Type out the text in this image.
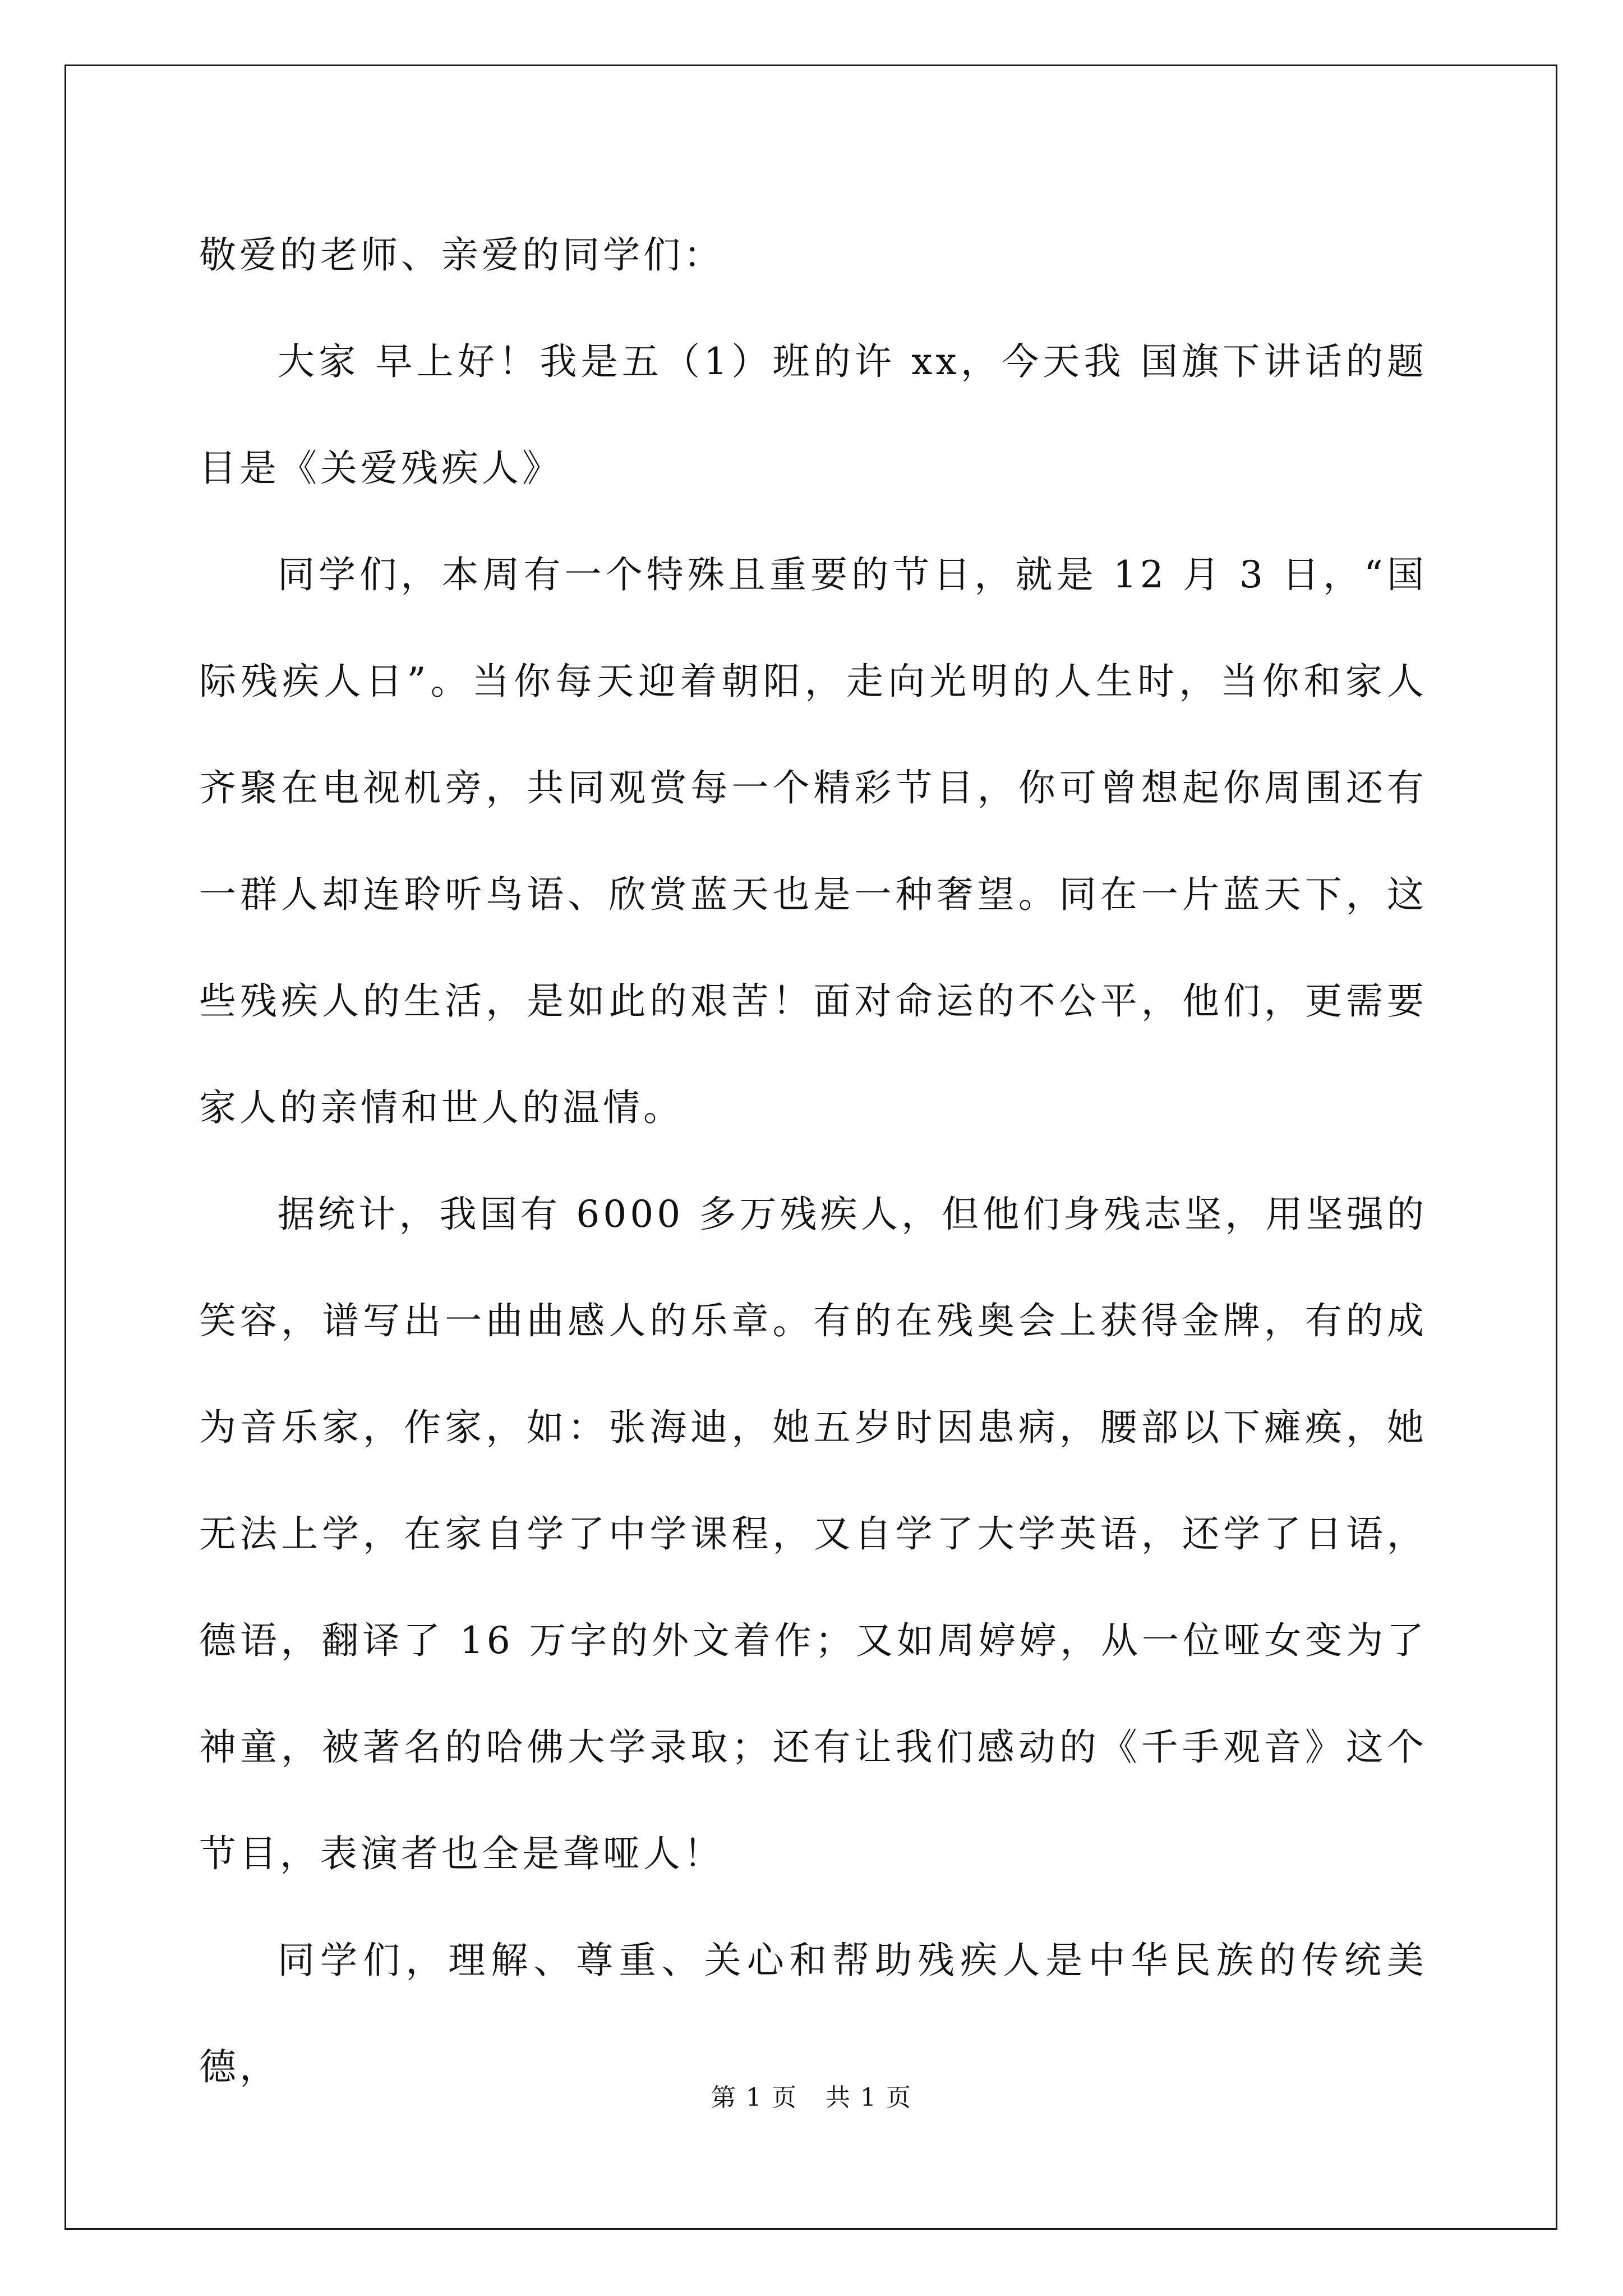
敬爱的老师、亲爱的同学们：

大家 早上好！我是五（1）班的许 xx，今天我 国旗下讲话的题目是《关爱残疾人》

同学们，本周有一个特殊且重要的节日，就是 12 月 3 日，“国际残疾人日”。当你每天迎着朝阳，走向光明的人生时，当你和家人齐聚在电视机旁，共同观赏每一个精彩节目，你可曾想起你周围还有一群人却连聆听鸟语、欣赏蓝天也是一种奢望。同在一片蓝天下，这些残疾人的生活，是如此的艰苦！面对命运的不公平，他们，更需要家人的亲情和世人的温情。

据统计，我国有 6000 多万残疾人，但他们身残志坚，用坚强的笑容，谱写出一曲曲感人的乐章。有的在残奥会上获得金牌，有的成为音乐家，作家，如：张海迪，她五岁时因患病，腰部以下瘫痪，她无法上学，在家自学了中学课程，又自学了大学英语，还学了日语，德语，翻译了 16 万字的外文着作；又如周婷婷，从一位哑女变为了神童，被著名的哈佛大学录取；还有让我们感动的《千手观音》这个节目，表演者也全是聋哑人！

同学们，理解、尊重、关心和帮助残疾人是中华民族的传统美德，

第 1 页 共 1 页
